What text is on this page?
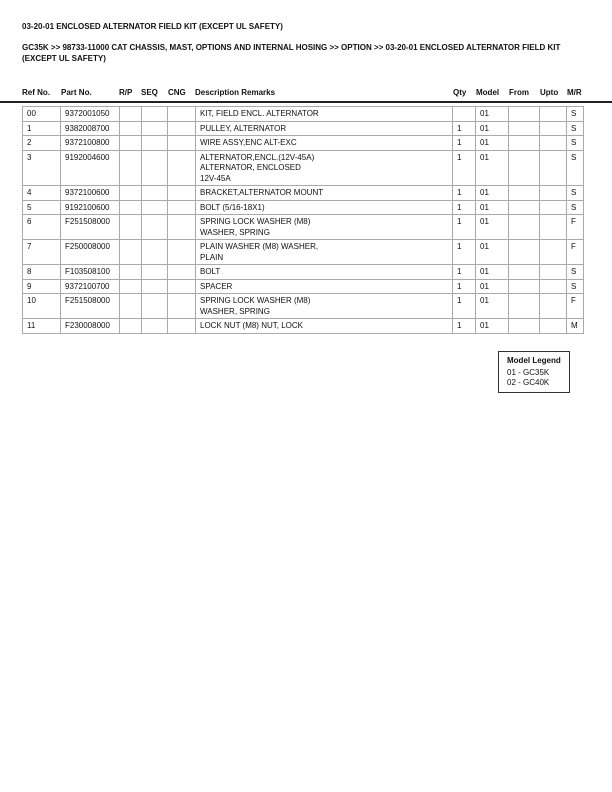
03-20-01 ENCLOSED ALTERNATOR FIELD KIT (EXCEPT UL SAFETY)
GC35K >> 98733-11000 CAT CHASSIS, MAST, OPTIONS AND INTERNAL HOSING >> OPTION >> 03-20-01 ENCLOSED ALTERNATOR FIELD KIT (EXCEPT UL SAFETY)
Ref No. Part No.	R/P SEQ CNG Description Remarks	Qty Model From Upto M/R
00	9372001050				KIT, FIELD ENCL. ALTERNATOR		01			S
1	9382008700				PULLEY, ALTERNATOR	1	01			S
2	9372100800				WIRE ASSY,ENC ALT-EXC	1	01			S
3	9192004600				ALTERNATOR,ENCL.(12V-45A)
ALTERNATOR, ENCLOSED
12V-45A	1	01			S
4	9372100600				BRACKET,ALTERNATOR MOUNT	1	01			S
5	9192100600				BOLT (5/16-18X1)	1	01			S
6	F251508000				SPRING LOCK WASHER (M8)
WASHER, SPRING	1	01			F
7	F250008000				PLAIN WASHER (M8) WASHER,
PLAIN	1	01			F
8	F103508100				BOLT	1	01			S
9	9372100700				SPACER	1	01			S
10	F251508000				SPRING LOCK WASHER (M8)
WASHER, SPRING	1	01			F
11	F230008000				LOCK NUT (M8) NUT, LOCK	1	01			M
Model Legend
01 - GC35K
02 - GC40K
